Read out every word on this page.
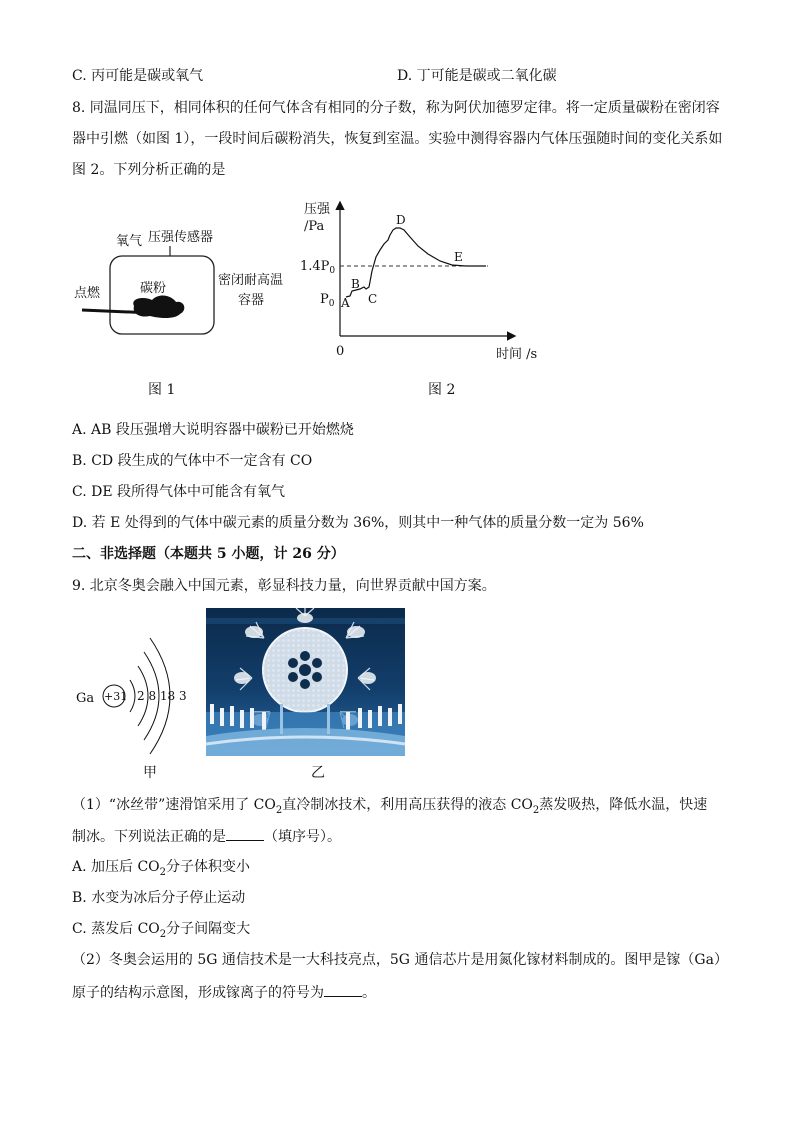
C. 丙可能是碳或氧气	D. 丁可能是碳或二氧化碳
8. 同温同压下，相同体积的任何气体含有相同的分子数，称为阿伏加德罗定律。将一定质量碳粉在密闭容
器中引燃（如图 1），一段时间后碳粉消失，恢复到室温。实验中测得容器内气体压强随时间的变化关系如
图 2。下列分析正确的是
氧气 压强传感器
点燃	碳粉
密闭耐高温
容器
图 1
压强
/Pa
$1.4P_0$
$P_0$
0
A
B
C
D
E
时间 /s
图 2
A. AB 段压强增大说明容器中碳粉已开始燃烧
B. CD 段生成的气体中不一定含有 CO
C. DE 段所得气体中可能含有氧气
D. 若 E 处得到的气体中碳元素的质量分数为 36%，则其中一种气体的质量分数一定为 56%
二、非选择题（本题共 5 小题，计 26 分）
9. 北京冬奥会融入中国元素，彰显科技力量，向世界贡献中国方案。
Ga +31 2 8 18 3
甲	乙
（1）“冰丝带”速滑馆采用了 $CO_2$直冷制冰技术，利用高压获得的液态 $CO_2$蒸发吸热，降低水温，快速
制冰。下列说法正确的是	（填序号）。
A. 加压后 $CO_2$分子体积变小
B. 水变为冰后分子停止运动
C. 蒸发后 $CO_2$分子间隔变大
（2）冬奥会运用的 5G 通信技术是一大科技亮点，5G 通信芯片是用氮化镓材料制成的。图甲是镓（Ga）
原子的结构示意图，形成镓离子的符号为	。
